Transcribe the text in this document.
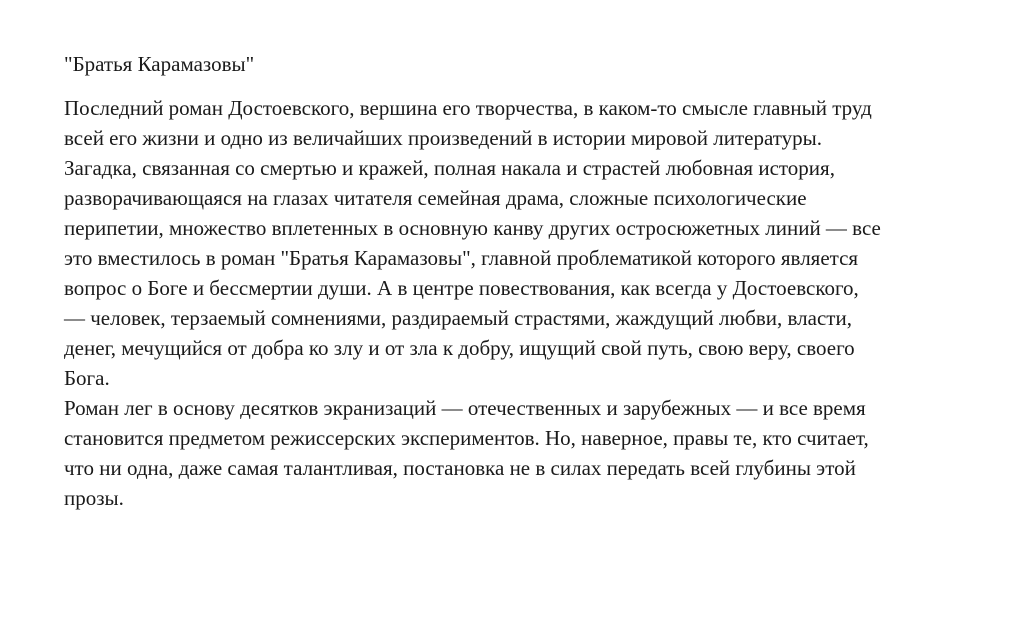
"Братья Карамазовы"

Последний роман Достоевского, вершина его творчества, в каком-то смысле главный труд
всей его жизни и одно из величайших произведений в истории мировой литературы.
Загадка, связанная со смертью и кражей, полная накала и страстей любовная история,
разворачивающаяся на глазах читателя семейная драма, сложные психологические
перипетии, множество вплетенных в основную канву других остросюжетных линий — все
это вместилось в роман "Братья Карамазовы", главной проблематикой которого является
вопрос о Боге и бессмертии души. А в центре повествования, как всегда у Достоевского,
— человек, терзаемый сомнениями, раздираемый страстями, жаждущий любви, власти,
денег, мечущийся от добра ко злу и от зла к добру, ищущий свой путь, свою веру, своего
Бога.

Роман лег в основу десятков экранизаций — отечественных и зарубежных — и все время
становится предметом режиссерских экспериментов. Но, наверное, правы те, кто считает,
что ни одна, даже самая талантливая, постановка не в силах передать всей глубины этой
прозы.
